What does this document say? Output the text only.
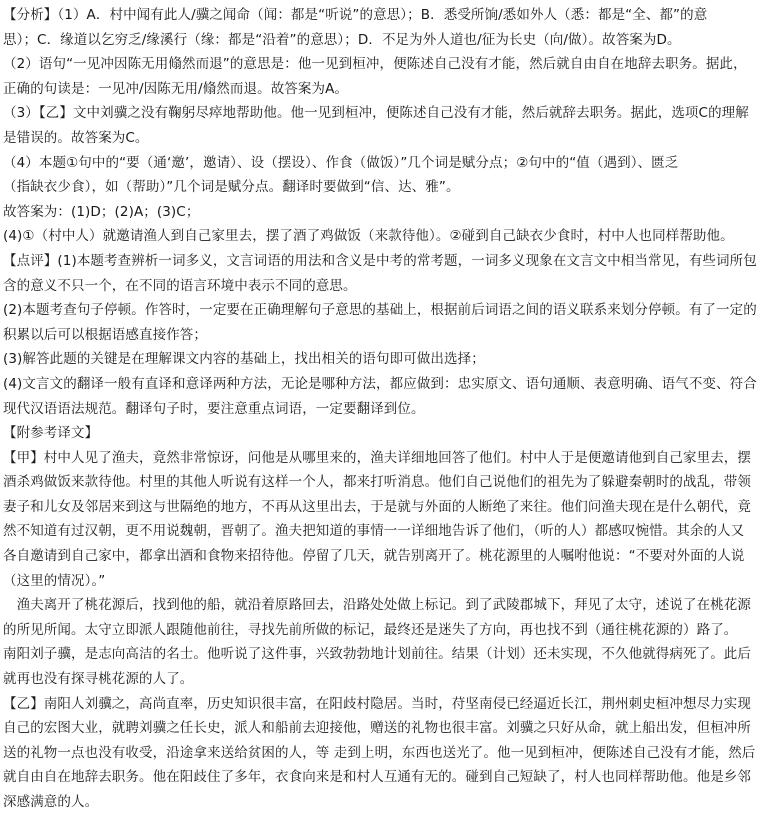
【分析】（1）A．村中闻有此人/骥之闻命（闻：都是“听说”的意思）；B．悉受所饷/悉如外人（悉：都是“全、都”的意
思）；C．缘道以乞穷乏/缘溪行（缘：都是“沿着”的意思）；D．不足为外人道也/征为长史（向/做）。故答案为D。
（2）语句“一见冲因陈无用翛然而退”的意思是：他一见到桓冲，便陈述自己没有才能，然后就自由自在地辞去职务。据此，
正确的句读是：一见冲/因陈无用/翛然而退。故答案为A。
（3）【乙】文中刘骥之没有鞠躬尽瘁地帮助他。他一见到桓冲，便陈述自己没有才能，然后就辞去职务。据此，选项C的理解
是错误的。故答案为C。
（4）本题①句中的“要（通‘邀’，邀请）、设（摆设）、作食（做饭）”几个词是赋分点；②句中的“值（遇到）、匮乏
（指缺衣少食），如（帮助）”几个词是赋分点。翻译时要做到“信、达、雅”。
故答案为：(1)D；(2)A；(3)C；
(4)①（村中人）就邀请渔人到自己家里去，摆了酒了鸡做饭（来款待他）。②碰到自己缺衣少食时，村中人也同样帮助他。
【点评】(1)本题考查辨析一词多义，文言词语的用法和含义是中考的常考题，一词多义现象在文言文中相当常见，有些词所包
含的意义不只一个，在不同的语言环境中表示不同的意思。
(2)本题考查句子停顿。作答时，一定要在正确理解句子意思的基础上，根据前后词语之间的语义联系来划分停顿。有了一定的
积累以后可以根据语感直接作答；
(3)解答此题的关键是在理解课文内容的基础上，找出相关的语句即可做出选择；
(4)文言文的翻译一般有直译和意译两种方法，无论是哪种方法，都应做到：忠实原文、语句通顺、表意明确、语气不变、符合
现代汉语语法规范。翻译句子时，要注意重点词语，一定要翻译到位。
【附参考译文】
【甲】村中人见了渔夫，竟然非常惊讶，问他是从哪里来的，渔夫详细地回答了他们。村中人于是便邀请他到自己家里去，摆
酒杀鸡做饭来款待他。村里的其他人听说有这样一个人，都来打听消息。他们自己说他们的祖先为了躲避秦朝时的战乱，带领
妻子和儿女及邻居来到这与世隔绝的地方，不再从这里出去，于是就与外面的人断绝了来往。他们问渔夫现在是什么朝代，竟
然不知道有过汉朝，更不用说魏朝，晋朝了。渔夫把知道的事情一一详细地告诉了他们，（听的人）都感叹惋惜。其余的人又
各自邀请到自己家中，都拿出酒和食物来招待他。停留了几天，就告别离开了。桃花源里的人嘱咐他说：“不要对外面的人说
（这里的情况）。”
　渔夫离开了桃花源后，找到他的船，就沿着原路回去，沿路处处做上标记。到了武陵郡城下，拜见了太守，述说了在桃花源
的所见所闻。太守立即派人跟随他前往，寻找先前所做的标记，最终还是迷失了方向，再也找不到（通往桃花源的）路了。
南阳刘子骥，是志向高洁的名士。他听说了这件事，兴致勃勃地计划前往。结果（计划）还未实现，不久他就得病死了。此后
就再也没有探寻桃花源的人了。
【乙】南阳人刘骥之，高尚直率，历史知识很丰富，在阳歧村隐居。当时，苻坚南侵已经逼近长江，荆州刺史桓冲想尽力实现
自己的宏图大业，就聘刘骥之任长史，派人和船前去迎接他，赠送的礼物也很丰富。刘骥之只好从命，就上船出发，但桓冲所
送的礼物一点也没有收受，沿途拿来送给贫困的人，等 走到上明，东西也送光了。他一见到桓冲，便陈述自己没有才能，然后
就自由自在地辞去职务。他在阳歧住了多年，衣食向来是和村人互通有无的。碰到自己短缺了，村人也同样帮助他。他是乡邻
深感满意的人。
